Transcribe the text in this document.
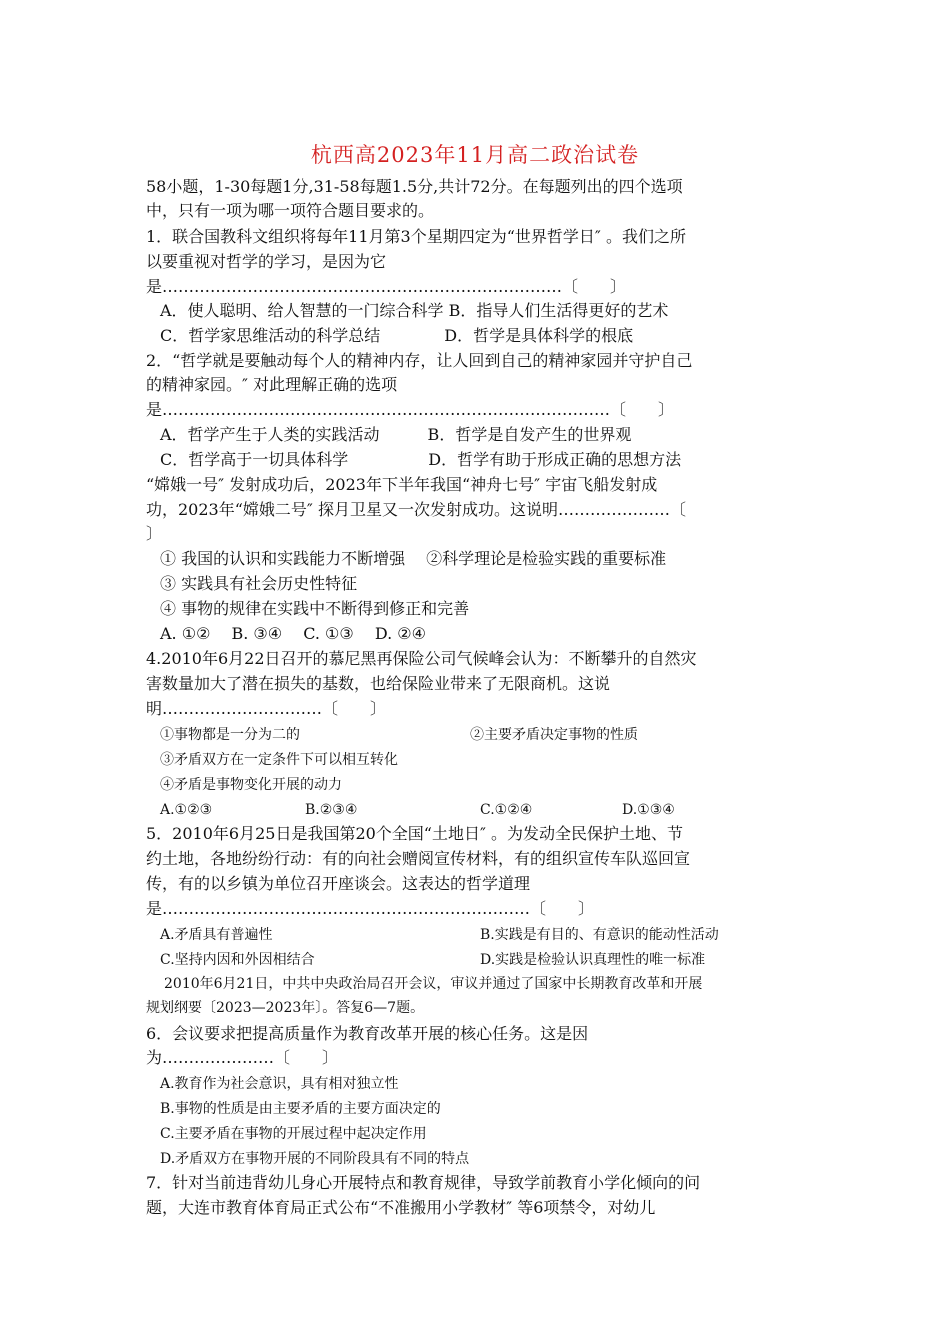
杭西高2023年11月高二政治试卷
58小题，1-30每题1分,31-58每题1.5分,共计72分。在每题列出的四个选项
中，只有一项为哪一项符合题目要求的。
1．联合国教科文组织将每年11月第3个星期四定为“世界哲学日″ 。我们之所
以要重视对哲学的学习，是因为它
是…………………………………………………………………〔　　〕
A．使人聪明、给人智慧的一门综合科学 B．指导人们生活得更好的艺术
C．哲学家思维活动的科学总结　　　　D．哲学是具体科学的根底
2．“哲学就是要触动每个人的精神内存，让人回到自己的精神家园并守护自己
的精神家园。″ 对此理解正确的选项
是…………………………………………………………………………〔　　〕
A．哲学产生于人类的实践活动　　　B．哲学是自发产生的世界观
C．哲学高于一切具体科学　　　　　D．哲学有助于形成正确的思想方法
“嫦娥一号″ 发射成功后，2023年下半年我国“神舟七号″ 宇宙飞船发射成
功，2023年“嫦娥二号″ 探月卫星又一次发射成功。这说明…………………〔
〕
① 我国的认识和实践能力不断增强　 ②科学理论是检验实践的重要标准
③ 实践具有社会历史性特征
④ 事物的规律在实践中不断得到修正和完善
A. ①②　 B. ③④　 C. ①③　 D. ②④
4.2010年6月22日召开的慕尼黑再保险公司气候峰会认为：不断攀升的自然灾
害数量加大了潜在损失的基数，也给保险业带来了无限商机。这说
明…………………………〔　　〕
①事物都是一分为二的	②主要矛盾决定事物的性质
③矛盾双方在一定条件下可以相互转化
④矛盾是事物变化开展的动力
A.①②③	B.②③④	C.①②④	D.①③④
5．2010年6月25日是我国第20个全国“土地日″ 。为发动全民保护土地、节
约土地，各地纷纷行动：有的向社会赠阅宣传材料，有的组织宣传车队巡回宣
传，有的以乡镇为单位召开座谈会。这表达的哲学道理
是……………………………………………………………〔　　〕
A.矛盾具有普遍性	B.实践是有目的、有意识的能动性活动
C.坚持内因和外因相结合	D.实践是检验认识真理性的唯一标准
2010年6月21日，中共中央政治局召开会议，审议并通过了国家中长期教育改革和开展
规划纲要〔2023—2023年〕。答复6—7题。
6．会议要求把提高质量作为教育改革开展的核心任务。这是因
为…………………〔　　〕
A.教育作为社会意识，具有相对独立性
B.事物的性质是由主要矛盾的主要方面决定的
C.主要矛盾在事物的开展过程中起决定作用
D.矛盾双方在事物开展的不同阶段具有不同的特点
7．针对当前违背幼儿身心开展特点和教育规律，导致学前教育小学化倾向的问
题，大连市教育体育局正式公布“不准搬用小学教材″ 等6项禁令，对幼儿
